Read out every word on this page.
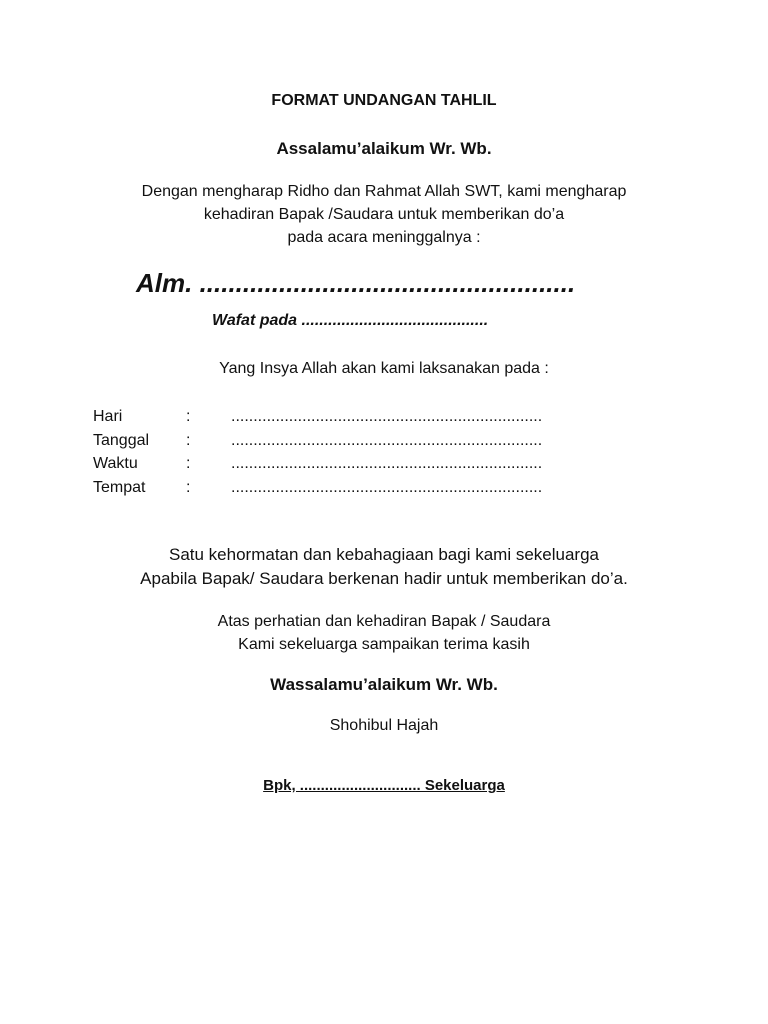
FORMAT UNDANGAN TAHLIL
Assalamu’alaikum Wr. Wb.
Dengan mengharap Ridho dan Rahmat Allah SWT, kami mengharap
kehadiran Bapak /Saudara untuk memberikan do’a
pada acara meninggalnya :
Alm. ....................................................
Wafat pada ..........................................
Yang Insya Allah akan kami laksanakan pada :
Hari	:	......................................................................
Tanggal :	......................................................................
Waktu	:	......................................................................
Tempat	:	......................................................................
Satu kehormatan dan kebahagiaan bagi kami sekeluarga
Apabila Bapak/ Saudara berkenan hadir untuk memberikan do’a.
Atas perhatian dan kehadiran Bapak / Saudara
Kami sekeluarga sampaikan terima kasih
Wassalamu’alaikum Wr. Wb.
Shohibul Hajah
Bpk, ............................. Sekeluarga
